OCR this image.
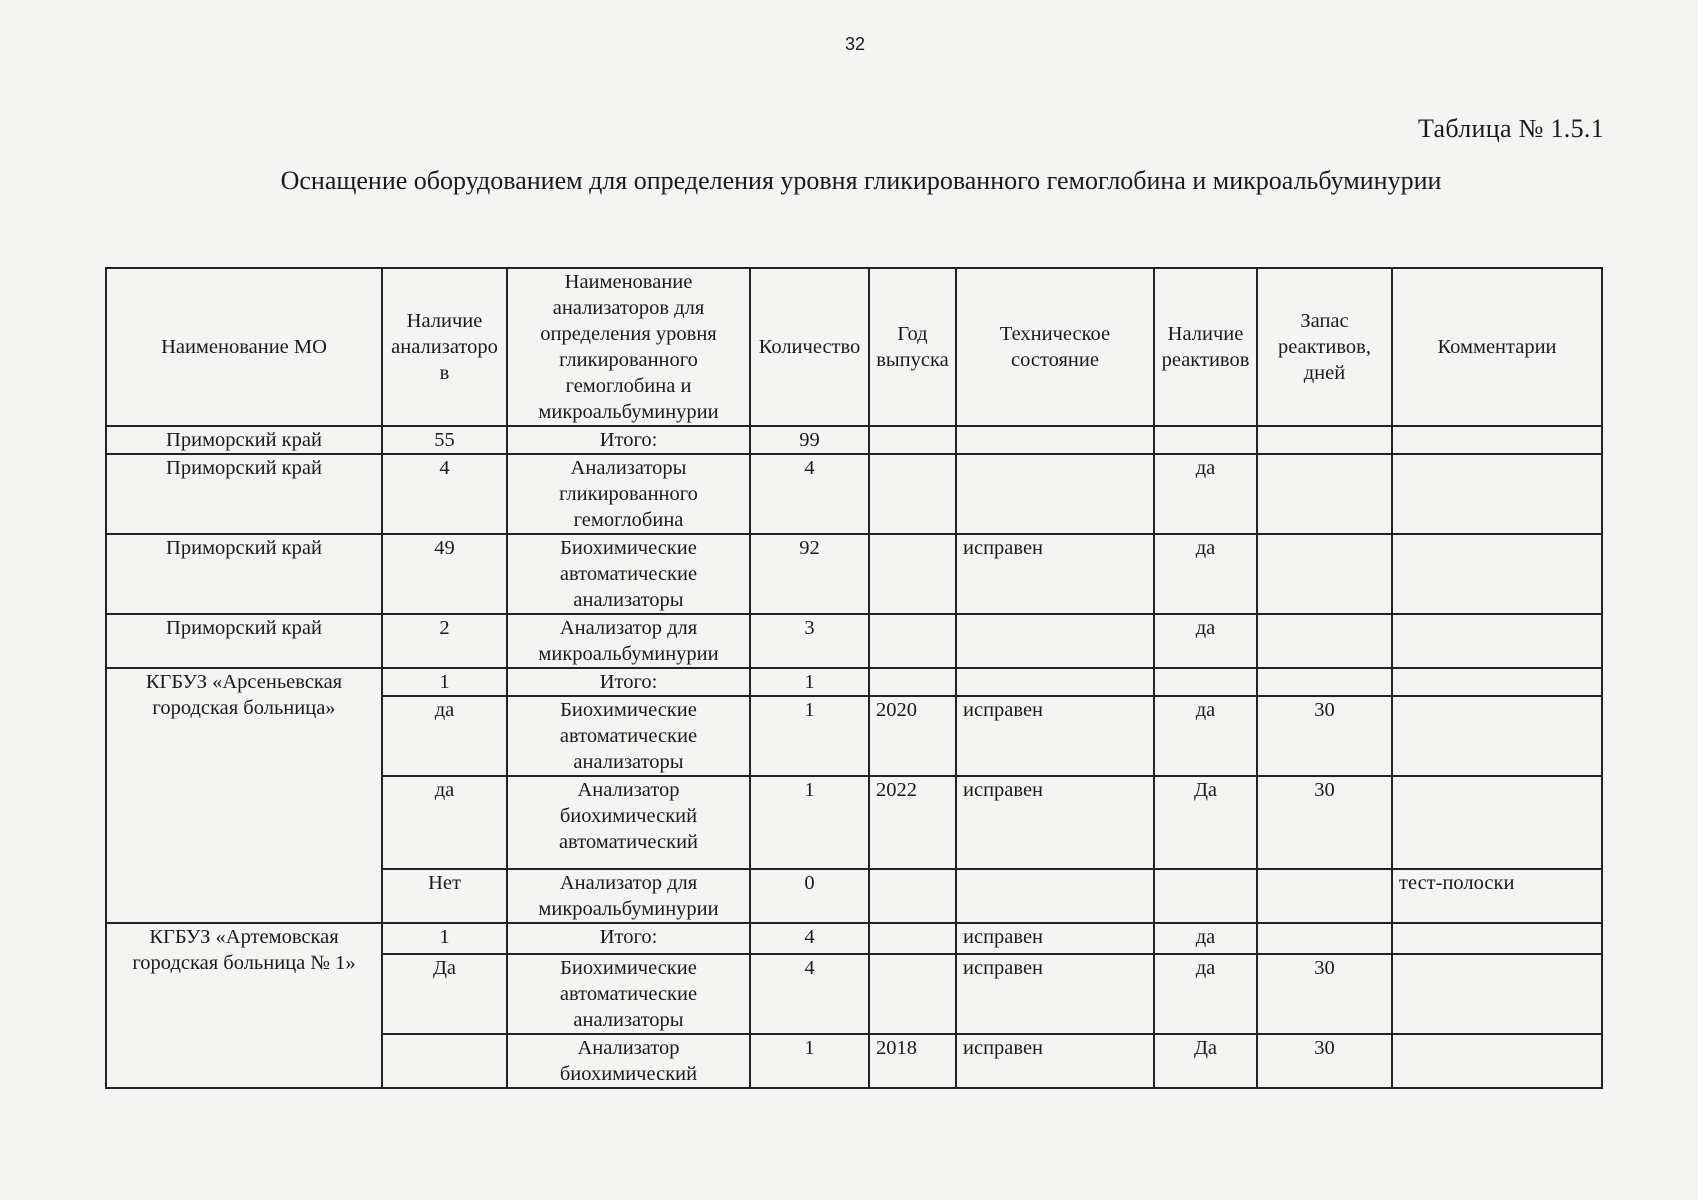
32
Таблица № 1.5.1
Оснащение оборудованием для определения уровня гликированного гемоглобина и микроальбуминурии
Наименование МО	Наличие анализаторо в	Наименование анализаторов для определения уровня гликированного гемоглобина и микроальбуминурии	Количество	Год выпуска	Техническое состояние	Наличие реактивов	Запас реактивов, дней	Комментарии
Приморский край	55	Итого:	99					
Приморский край	4	Анализаторы гликированного гемоглобина	4			да		
Приморский край	49	Биохимические автоматические анализаторы	92		исправен	да		
Приморский край	2	Анализатор для микроальбуминурии	3			да		
КГБУЗ «Арсеньевская городская больница»	1	Итого:	1					
	да	Биохимические автоматические анализаторы	1	2020	исправен	да	30	
	да	Анализатор биохимический автоматический	1	2022	исправен	Да	30	
	Нет	Анализатор для микроальбуминурии	0					тест-полоски
КГБУЗ «Артемовская городская больница № 1»	1	Итого:	4		исправен	да		
	Да	Биохимические автоматические анализаторы	4		исправен	да	30	
		Анализатор биохимический	1	2018	исправен	Да	30	
